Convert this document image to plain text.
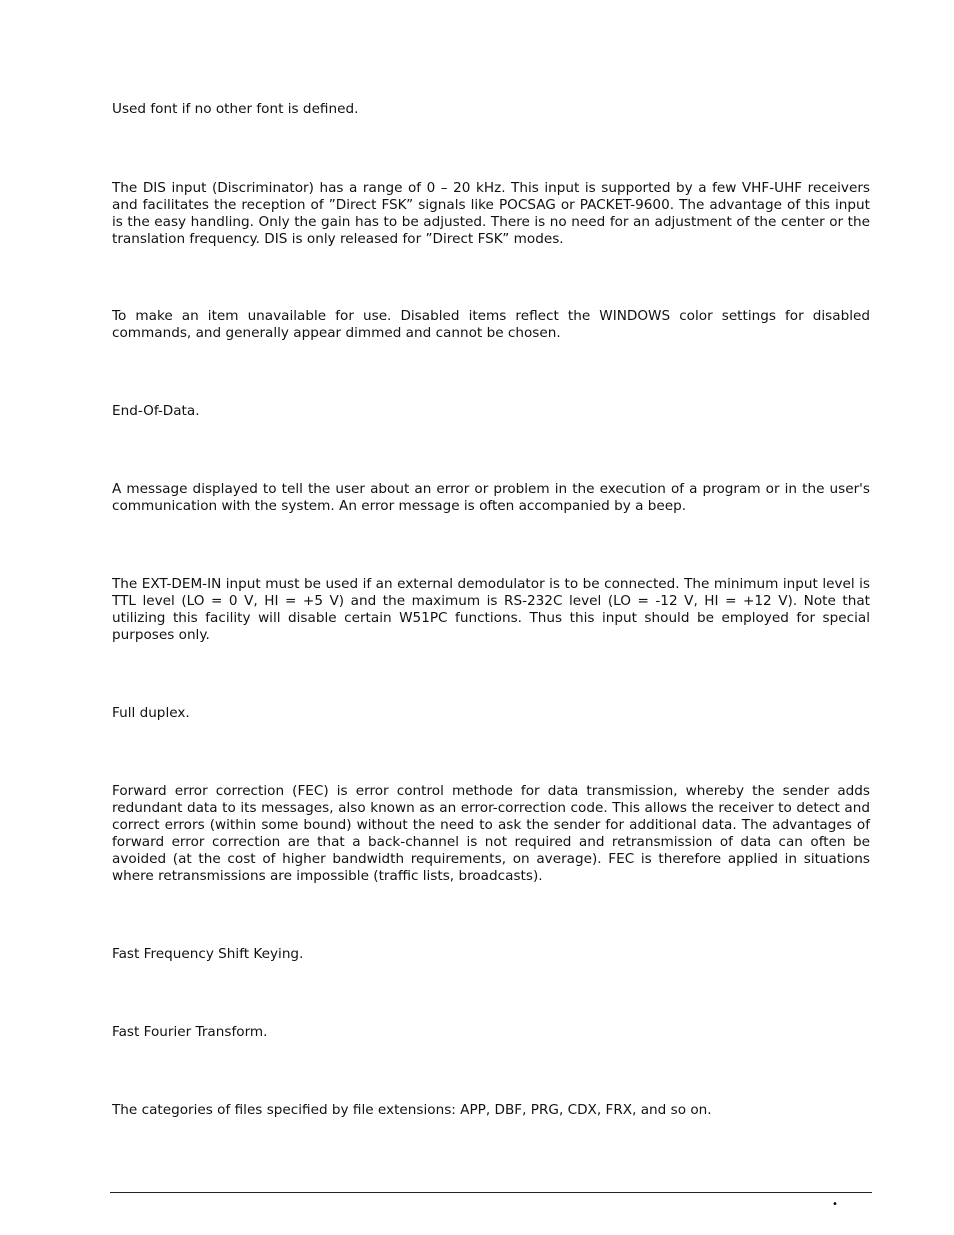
Used font if no other font is defined.

The DIS input (Discriminator) has a range of 0 – 20 kHz. This input is supported by a few VHF-UHF receivers and facilitates the reception of ”Direct FSK” signals like POCSAG or PACKET-9600. The advantage of this input is the easy handling. Only the gain has to be adjusted. There is no need for an adjustment of the center or the translation frequency. DIS is only released for ”Direct FSK” modes.

To make an item unavailable for use. Disabled items reflect the WINDOWS color settings for disabled commands, and generally appear dimmed and cannot be chosen.

End-Of-Data.

A message displayed to tell the user about an error or problem in the execution of a program or in the user's communication with the system. An error message is often accompanied by a beep.

The EXT-DEM-IN input must be used if an external demodulator is to be connected. The minimum input level is TTL level (LO = 0 V, HI = +5 V) and the maximum is RS-232C level (LO = -12 V, HI = +12 V). Note that utilizing this facility will disable certain W51PC functions. Thus this input should be employed for special purposes only.

Full duplex.

Forward error correction (FEC) is error control methode for data transmission, whereby the sender adds redundant data to its messages, also known as an error-correction code. This allows the receiver to detect and correct errors (within some bound) without the need to ask the sender for additional data. The advantages of forward error correction are that a back-channel is not required and retransmission of data can often be avoided (at the cost of higher bandwidth requirements, on average). FEC is therefore applied in situations where retransmissions are impossible (traffic lists, broadcasts).

Fast Frequency Shift Keying.

Fast Fourier Transform.

The categories of files specified by file extensions: APP, DBF, PRG, CDX, FRX, and so on.

•
